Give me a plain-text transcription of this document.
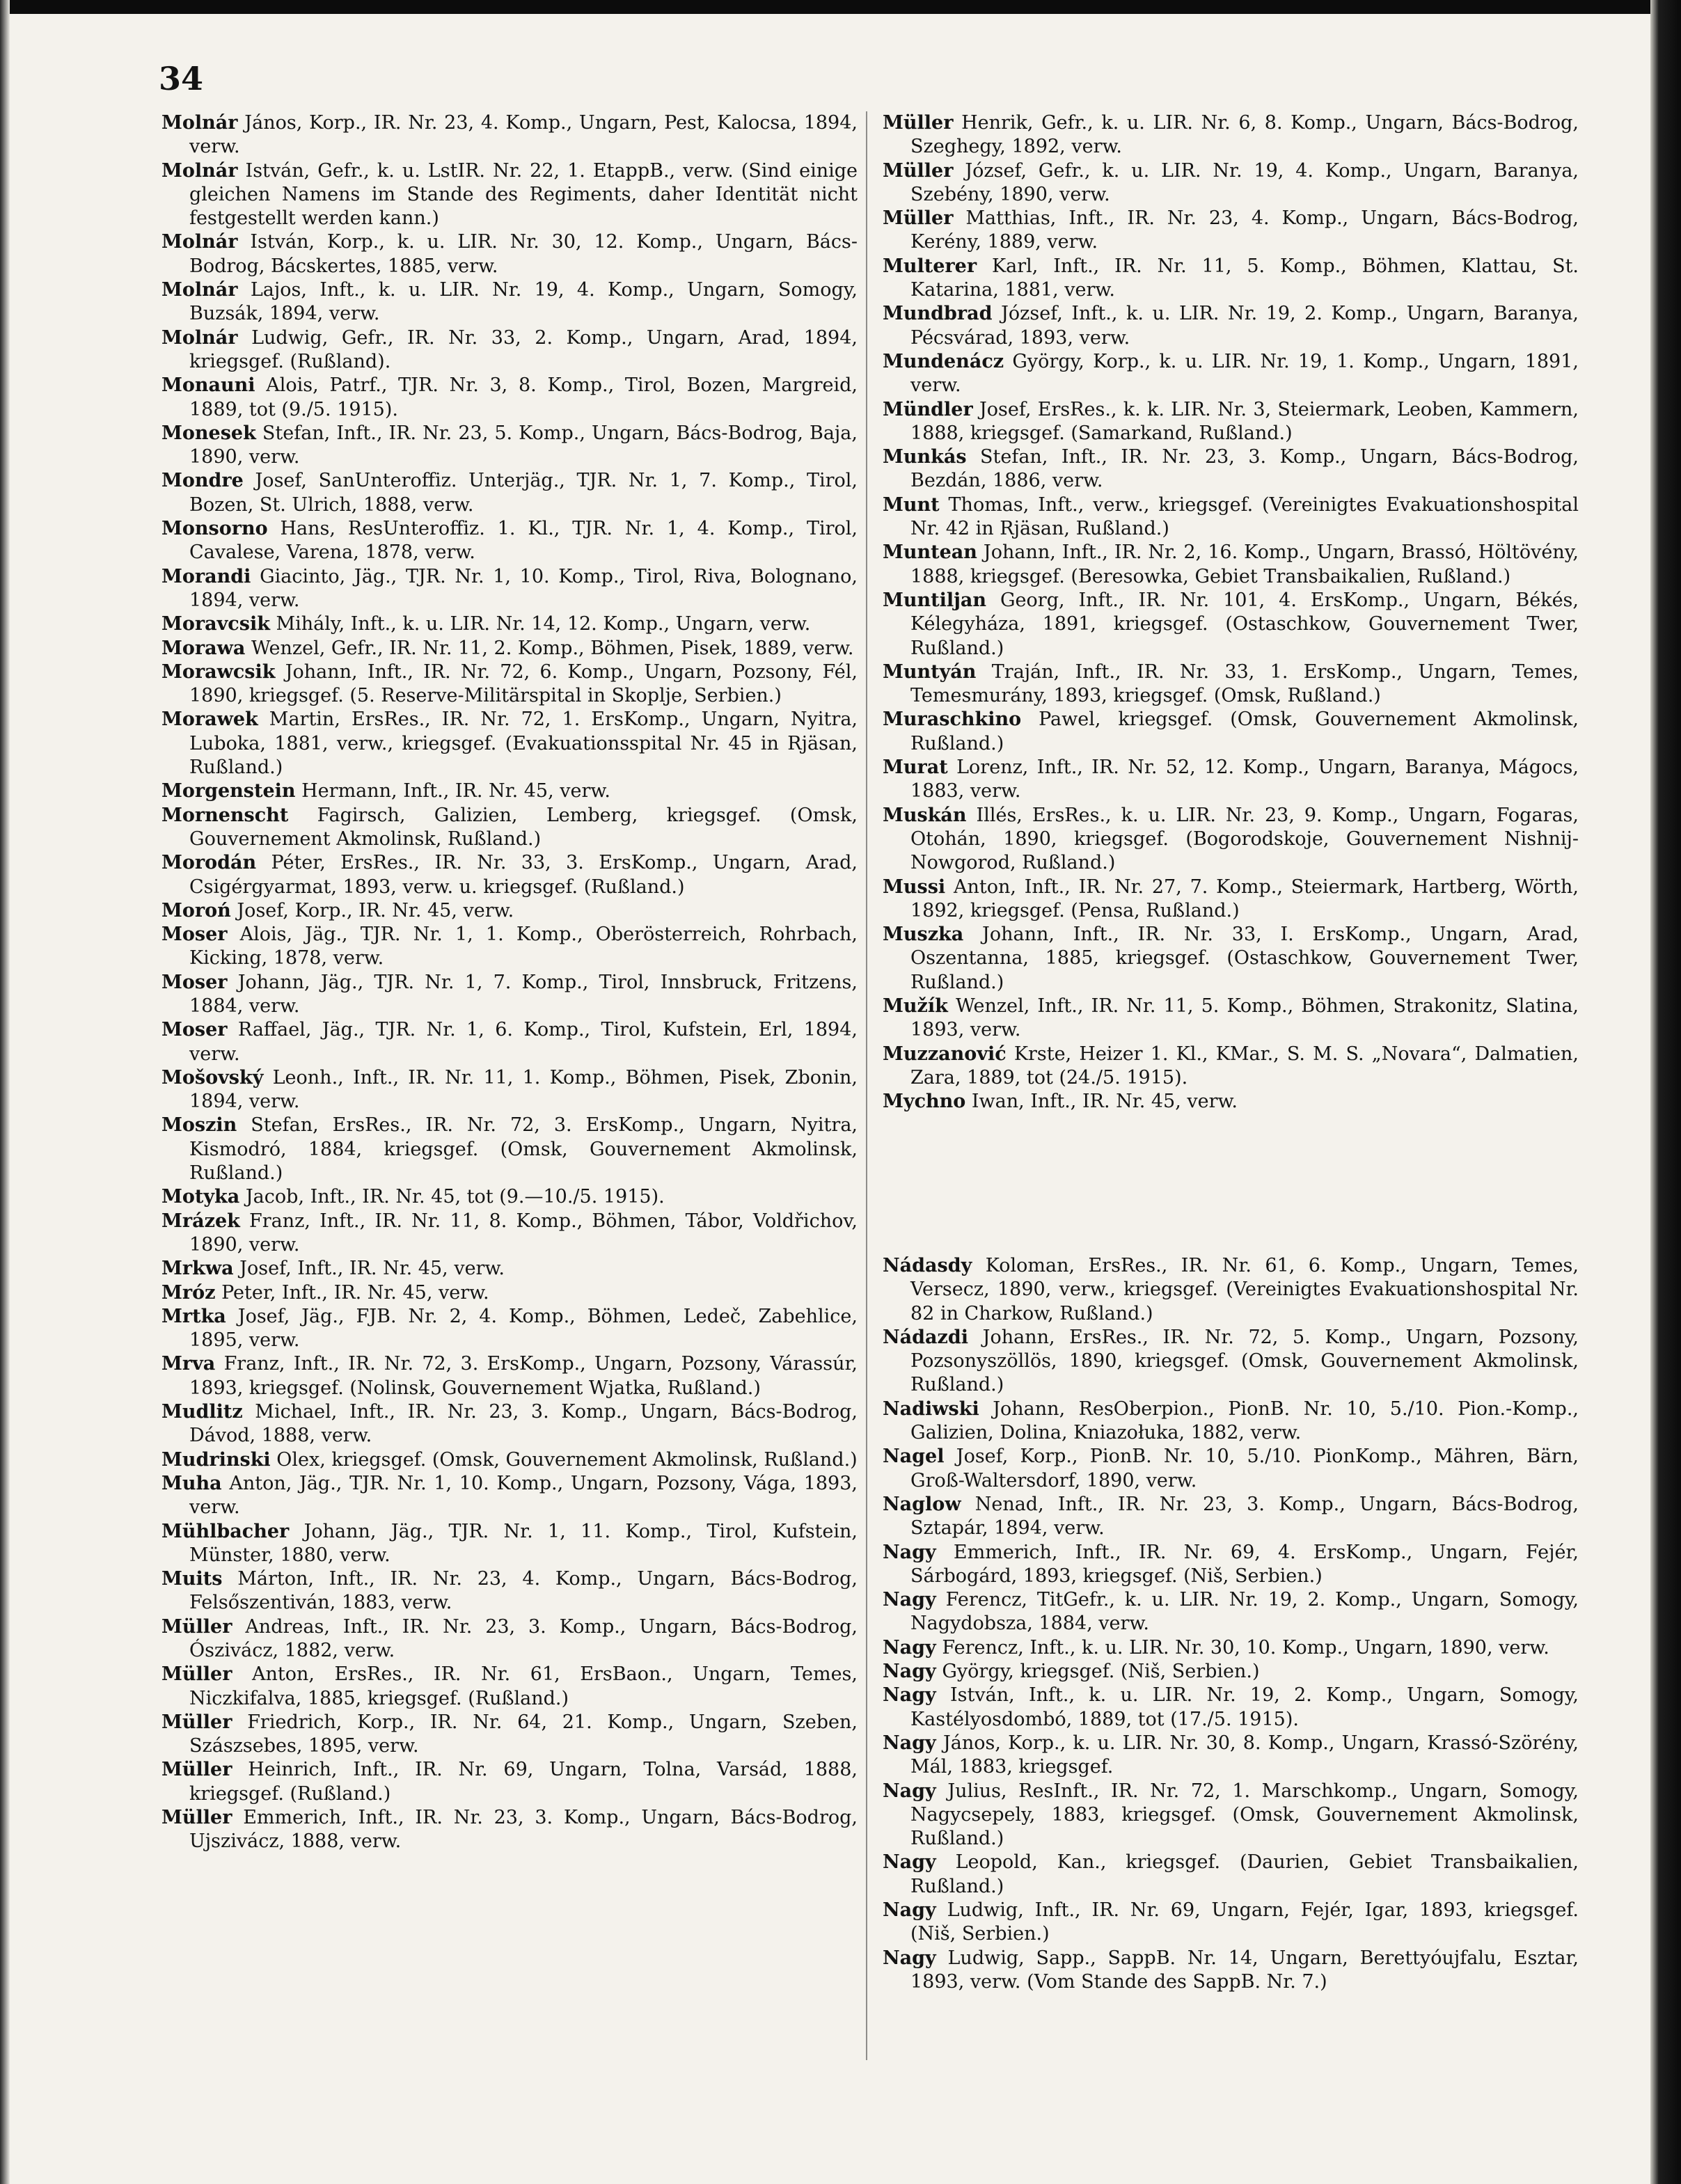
34

Molnár János, Korp., IR. Nr. 23, 4. Komp., Ungarn, Pest, Kalocsa, 1894, verw.

Molnár István, Gefr., k. u. LstIR. Nr. 22, 1. EtappB., verw. (Sind einige gleichen Namens im Stande des Regiments, daher Identität nicht festgestellt werden kann.)

Molnár István, Korp., k. u. LIR. Nr. 30, 12. Komp., Ungarn, Bács-Bodrog, Bácskertes, 1885, verw.

Molnár Lajos, Inft., k. u. LIR. Nr. 19, 4. Komp., Ungarn, Somogy, Buzsák, 1894, verw.

Molnár Ludwig, Gefr., IR. Nr. 33, 2. Komp., Ungarn, Arad, 1894, kriegsgef. (Rußland).

Monauni Alois, Patrf., TJR. Nr. 3, 8. Komp., Tirol, Bozen, Margreid, 1889, tot (9./5. 1915).

Monesek Stefan, Inft., IR. Nr. 23, 5. Komp., Ungarn, Bács-Bodrog, Baja, 1890, verw.

Mondre Josef, SanUnteroffiz. Unterjäg., TJR. Nr. 1, 7. Komp., Tirol, Bozen, St. Ulrich, 1888, verw.

Monsorno Hans, ResUnteroffiz. 1. Kl., TJR. Nr. 1, 4. Komp., Tirol, Cavalese, Varena, 1878, verw.

Morandi Giacinto, Jäg., TJR. Nr. 1, 10. Komp., Tirol, Riva, Bolognano, 1894, verw.

Moravcsik Mihály, Inft., k. u. LIR. Nr. 14, 12. Komp., Ungarn, verw.

Morawa Wenzel, Gefr., IR. Nr. 11, 2. Komp., Böhmen, Pisek, 1889, verw.

Morawcsik Johann, Inft., IR. Nr. 72, 6. Komp., Ungarn, Pozsony, Fél, 1890, kriegsgef. (5. Reserve-Militärspital in Skoplje, Serbien.)

Morawek Martin, ErsRes., IR. Nr. 72, 1. ErsKomp., Ungarn, Nyitra, Luboka, 1881, verw., kriegsgef. (Evakuationsspital Nr. 45 in Rjäsan, Rußland.)

Morgenstein Hermann, Inft., IR. Nr. 45, verw.

Mornenscht Fagirsch, Galizien, Lemberg, kriegsgef. (Omsk, Gouvernement Akmolinsk, Rußland.)

Morodán Péter, ErsRes., IR. Nr. 33, 3. ErsKomp., Ungarn, Arad, Csigérgyarmat, 1893, verw. u. kriegsgef. (Rußland.)

Moroń Josef, Korp., IR. Nr. 45, verw.

Moser Alois, Jäg., TJR. Nr. 1, 1. Komp., Oberösterreich, Rohrbach, Kicking, 1878, verw.

Moser Johann, Jäg., TJR. Nr. 1, 7. Komp., Tirol, Innsbruck, Fritzens, 1884, verw.

Moser Raffael, Jäg., TJR. Nr. 1, 6. Komp., Tirol, Kufstein, Erl, 1894, verw.

Mošovský Leonh., Inft., IR. Nr. 11, 1. Komp., Böhmen, Pisek, Zbonin, 1894, verw.

Moszin Stefan, ErsRes., IR. Nr. 72, 3. ErsKomp., Ungarn, Nyitra, Kismodró, 1884, kriegsgef. (Omsk, Gouvernement Akmolinsk, Rußland.)

Motyka Jacob, Inft., IR. Nr. 45, tot (9.—10./5. 1915).

Mrázek Franz, Inft., IR. Nr. 11, 8. Komp., Böhmen, Tábor, Voldřichov, 1890, verw.

Mrkwa Josef, Inft., IR. Nr. 45, verw.

Mróz Peter, Inft., IR. Nr. 45, verw.

Mrtka Josef, Jäg., FJB. Nr. 2, 4. Komp., Böhmen, Ledeč, Zabehlice, 1895, verw.

Mrva Franz, Inft., IR. Nr. 72, 3. ErsKomp., Ungarn, Pozsony, Várassúr, 1893, kriegsgef. (Nolinsk, Gouvernement Wjatka, Rußland.)

Mudlitz Michael, Inft., IR. Nr. 23, 3. Komp., Ungarn, Bács-Bodrog, Dávod, 1888, verw.

Mudrinski Olex, kriegsgef. (Omsk, Gouvernement Akmolinsk, Rußland.)

Muha Anton, Jäg., TJR. Nr. 1, 10. Komp., Ungarn, Pozsony, Vága, 1893, verw.

Mühlbacher Johann, Jäg., TJR. Nr. 1, 11. Komp., Tirol, Kufstein, Münster, 1880, verw.

Muits Márton, Inft., IR. Nr. 23, 4. Komp., Ungarn, Bács-Bodrog, Felsőszentiván, 1883, verw.

Müller Andreas, Inft., IR. Nr. 23, 3. Komp., Ungarn, Bács-Bodrog, Ószivácz, 1882, verw.

Müller Anton, ErsRes., IR. Nr. 61, ErsBaon., Ungarn, Temes, Niczkifalva, 1885, kriegsgef. (Rußland.)

Müller Friedrich, Korp., IR. Nr. 64, 21. Komp., Ungarn, Szeben, Szászsebes, 1895, verw.

Müller Heinrich, Inft., IR. Nr. 69, Ungarn, Tolna, Varsád, 1888, kriegsgef. (Rußland.)

Müller Emmerich, Inft., IR. Nr. 23, 3. Komp., Ungarn, Bács-Bodrog, Ujszivácz, 1888, verw.

Müller Henrik, Gefr., k. u. LIR. Nr. 6, 8. Komp., Ungarn, Bács-Bodrog, Szeghegy, 1892, verw.

Müller József, Gefr., k. u. LIR. Nr. 19, 4. Komp., Ungarn, Baranya, Szebény, 1890, verw.

Müller Matthias, Inft., IR. Nr. 23, 4. Komp., Ungarn, Bács-Bodrog, Kerény, 1889, verw.

Multerer Karl, Inft., IR. Nr. 11, 5. Komp., Böhmen, Klattau, St. Katarina, 1881, verw.

Mundbrad József, Inft., k. u. LIR. Nr. 19, 2. Komp., Ungarn, Baranya, Pécsvárad, 1893, verw.

Mundenácz György, Korp., k. u. LIR. Nr. 19, 1. Komp., Ungarn, 1891, verw.

Mündler Josef, ErsRes., k. k. LIR. Nr. 3, Steiermark, Leoben, Kammern, 1888, kriegsgef. (Samarkand, Rußland.)

Munkás Stefan, Inft., IR. Nr. 23, 3. Komp., Ungarn, Bács-Bodrog, Bezdán, 1886, verw.

Munt Thomas, Inft., verw., kriegsgef. (Vereinigtes Evakuationshospital Nr. 42 in Rjäsan, Rußland.)

Muntean Johann, Inft., IR. Nr. 2, 16. Komp., Ungarn, Brassó, Höltövény, 1888, kriegsgef. (Beresowka, Gebiet Transbaikalien, Rußland.)

Muntiljan Georg, Inft., IR. Nr. 101, 4. ErsKomp., Ungarn, Békés, Kélegyháza, 1891, kriegsgef. (Ostaschkow, Gouvernement Twer, Rußland.)

Muntyán Traján, Inft., IR. Nr. 33, 1. ErsKomp., Ungarn, Temes, Temesmurány, 1893, kriegsgef. (Omsk, Rußland.)

Muraschkino Pawel, kriegsgef. (Omsk, Gouvernement Akmolinsk, Rußland.)

Murat Lorenz, Inft., IR. Nr. 52, 12. Komp., Ungarn, Baranya, Mágocs, 1883, verw.

Muskán Illés, ErsRes., k. u. LIR. Nr. 23, 9. Komp., Ungarn, Fogaras, Otohán, 1890, kriegsgef. (Bogorodskoje, Gouvernement Nishnij-Nowgorod, Rußland.)

Mussi Anton, Inft., IR. Nr. 27, 7. Komp., Steiermark, Hartberg, Wörth, 1892, kriegsgef. (Pensa, Rußland.)

Muszka Johann, Inft., IR. Nr. 33, I. ErsKomp., Ungarn, Arad, Oszentanna, 1885, kriegsgef. (Ostaschkow, Gouvernement Twer, Rußland.)

Mužík Wenzel, Inft., IR. Nr. 11, 5. Komp., Böhmen, Strakonitz, Slatina, 1893, verw.

Muzzanović Krste, Heizer 1. Kl., KMar., S. M. S. „Novara“, Dalmatien, Zara, 1889, tot (24./5. 1915).

Mychno Iwan, Inft., IR. Nr. 45, verw.

Nádasdy Koloman, ErsRes., IR. Nr. 61, 6. Komp., Ungarn, Temes, Versecz, 1890, verw., kriegsgef. (Vereinigtes Evakuationshospital Nr. 82 in Charkow, Rußland.)

Nádazdi Johann, ErsRes., IR. Nr. 72, 5. Komp., Ungarn, Pozsony, Pozsonyszöllös, 1890, kriegsgef. (Omsk, Gouvernement Akmolinsk, Rußland.)

Nadiwski Johann, ResOberpion., PionB. Nr. 10, 5./10. Pion.-Komp., Galizien, Dolina, Kniazołuka, 1882, verw.

Nagel Josef, Korp., PionB. Nr. 10, 5./10. PionKomp., Mähren, Bärn, Groß-Waltersdorf, 1890, verw.

Naglow Nenad, Inft., IR. Nr. 23, 3. Komp., Ungarn, Bács-Bodrog, Sztapár, 1894, verw.

Nagy Emmerich, Inft., IR. Nr. 69, 4. ErsKomp., Ungarn, Fejér, Sárbogárd, 1893, kriegsgef. (Niš, Serbien.)

Nagy Ferencz, TitGefr., k. u. LIR. Nr. 19, 2. Komp., Ungarn, Somogy, Nagydobsza, 1884, verw.

Nagy Ferencz, Inft., k. u. LIR. Nr. 30, 10. Komp., Ungarn, 1890, verw.

Nagy György, kriegsgef. (Niš, Serbien.)

Nagy István, Inft., k. u. LIR. Nr. 19, 2. Komp., Ungarn, Somogy, Kastélyosdombó, 1889, tot (17./5. 1915).

Nagy János, Korp., k. u. LIR. Nr. 30, 8. Komp., Ungarn, Krassó-Szörény, Mál, 1883, kriegsgef.

Nagy Julius, ResInft., IR. Nr. 72, 1. Marschkomp., Ungarn, Somogy, Nagycsepely, 1883, kriegsgef. (Omsk, Gouvernement Akmolinsk, Rußland.)

Nagy Leopold, Kan., kriegsgef. (Daurien, Gebiet Transbaikalien, Rußland.)

Nagy Ludwig, Inft., IR. Nr. 69, Ungarn, Fejér, Igar, 1893, kriegsgef. (Niš, Serbien.)

Nagy Ludwig, Sapp., SappB. Nr. 14, Ungarn, Berettyóujfalu, Esztar, 1893, verw. (Vom Stande des SappB. Nr. 7.)
